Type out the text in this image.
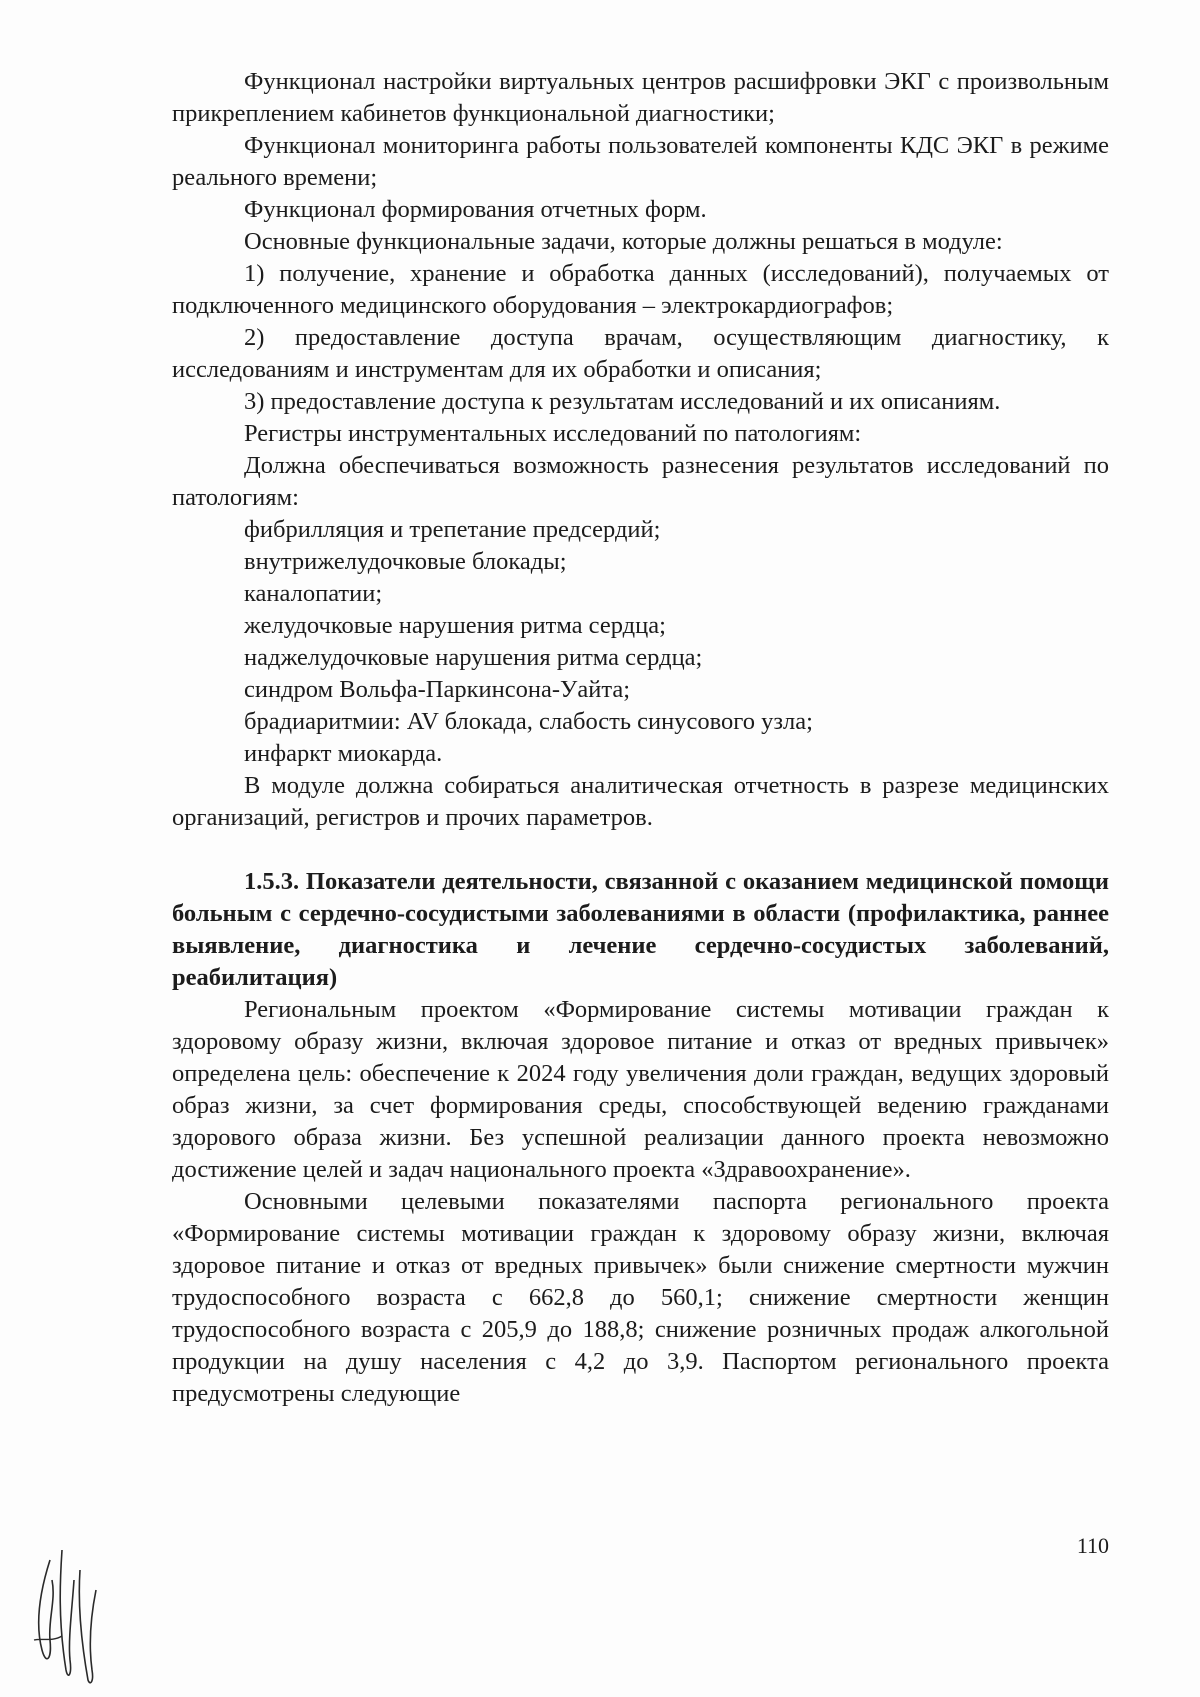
Функционал настройки виртуальных центров расшифровки ЭКГ с произвольным прикреплением кабинетов функциональной диагностики;

Функционал мониторинга работы пользователей компоненты КДС ЭКГ в режиме реального времени;

Функционал формирования отчетных форм.

Основные функциональные задачи, которые должны решаться в модуле:

1) получение, хранение и обработка данных (исследований), получаемых от подключенного медицинского оборудования – электрокардиографов;

2) предоставление доступа врачам, осуществляющим диагностику, к исследованиям и инструментам для их обработки и описания;

3) предоставление доступа к результатам исследований и их описаниям.

Регистры инструментальных исследований по патологиям:

Должна обеспечиваться возможность разнесения результатов исследований по патологиям:

фибрилляция и трепетание предсердий;

внутрижелудочковые блокады;

каналопатии;

желудочковые нарушения ритма сердца;

наджелудочковые нарушения ритма сердца;

синдром Вольфа-Паркинсона-Уайта;

брадиаритмии: AV блокада, слабость синусового узла;

инфаркт миокарда.

В модуле должна собираться аналитическая отчетность в разрезе медицинских организаций, регистров и прочих параметров.

1.5.3. Показатели деятельности, связанной с оказанием медицинской помощи больным с сердечно-сосудистыми заболеваниями в области (профилактика, раннее выявление, диагностика и лечение сердечно-сосудистых заболеваний, реабилитация)

Региональным проектом «Формирование системы мотивации граждан к здоровому образу жизни, включая здоровое питание и отказ от вредных привычек» определена цель: обеспечение к 2024 году увеличения доли граждан, ведущих здоровый образ жизни, за счет формирования среды, способствующей ведению гражданами здорового образа жизни. Без успешной реализации данного проекта невозможно достижение целей и задач национального проекта «Здравоохранение».

Основными целевыми показателями паспорта регионального проекта «Формирование системы мотивации граждан к здоровому образу жизни, включая здоровое питание и отказ от вредных привычек» были снижение смертности мужчин трудоспособного возраста с 662,8 до 560,1; снижение смертности женщин трудоспособного возраста с 205,9 до 188,8; снижение розничных продаж алкогольной продукции на душу населения с 4,2 до 3,9. Паспортом регионального проекта предусмотрены следующие

110
